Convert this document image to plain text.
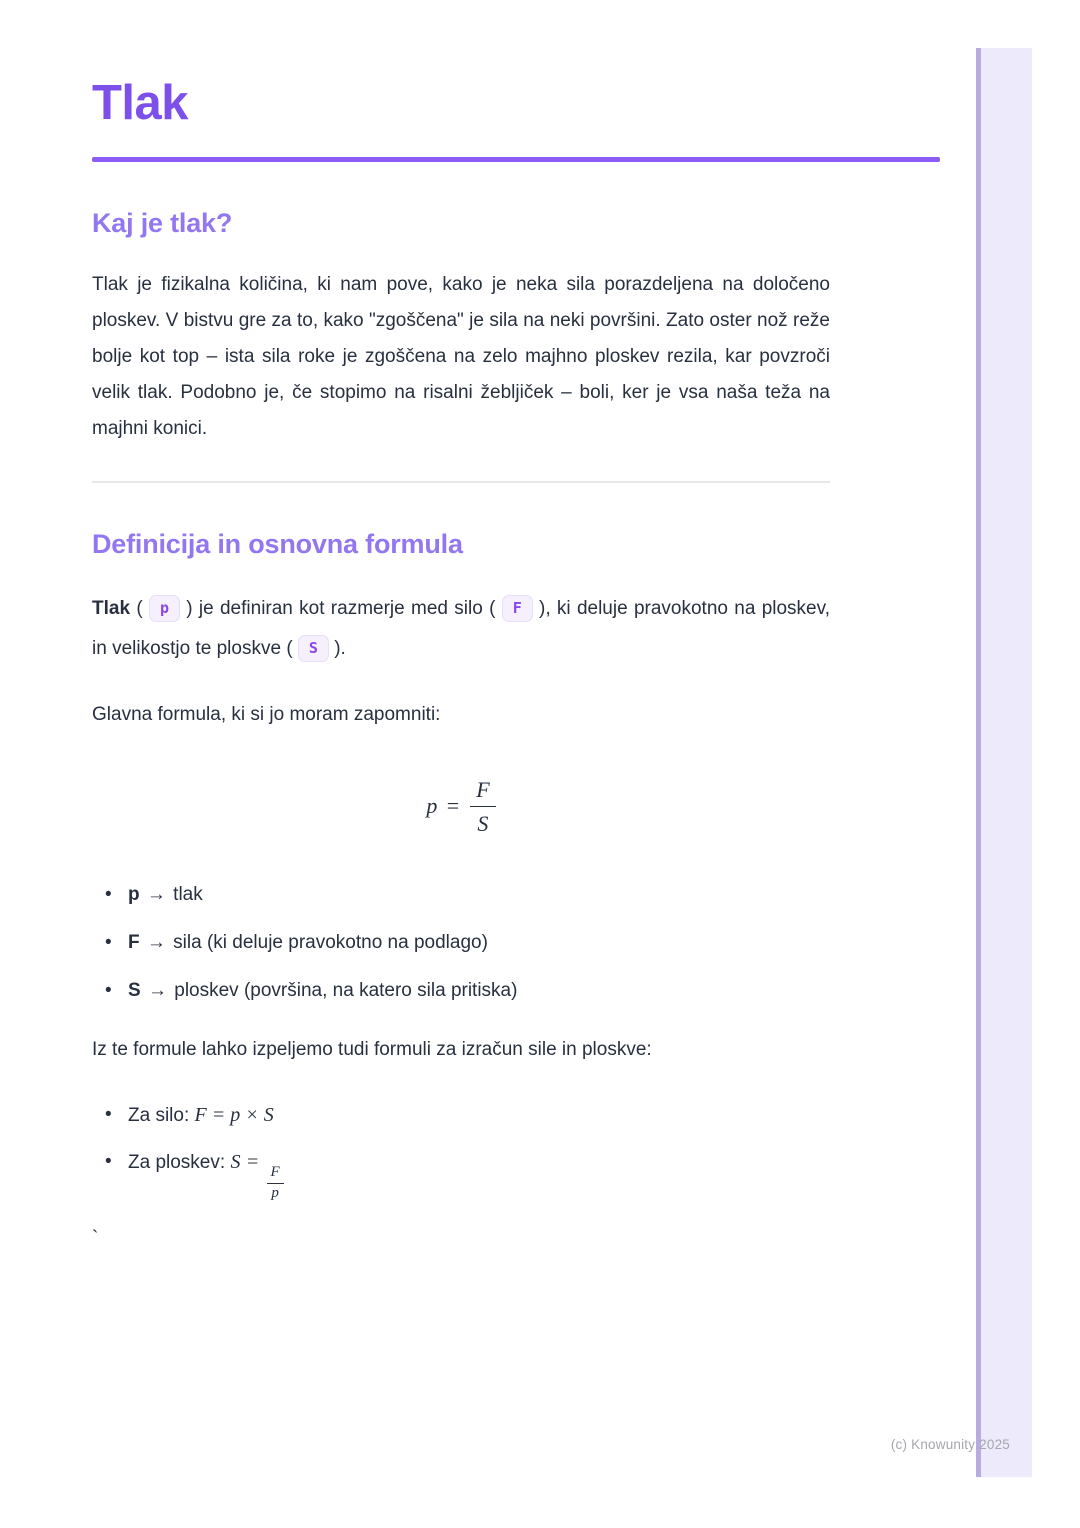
Tlak
Kaj je tlak?

Tlak je fizikalna količina, ki nam pove, kako je neka sila porazdeljena na določeno ploskev. V bistvu gre za to, kako "zgoščena" je sila na neki površini. Zato oster nož reže bolje kot top – ista sila roke je zgoščena na zelo majhno ploskev rezila, kar povzroči velik tlak. Podobno je, če stopimo na risalni žebljiček – boli, ker je vsa naša teža na majhni konici.

Definicija in osnovna formula

Tlak ( p ) je definiran kot razmerje med silo ( F ), ki deluje pravokotno na ploskev, in velikostjo te ploskve ( S ).

Glavna formula, ki si jo moram zapomniti:

$p = \frac{F}{S}$
• p → tlak
• F → sila (ki deluje pravokotno na podlago)
• S → ploskev (površina, na katero sila pritiska)

Iz te formule lahko izpeljemo tudi formuli za izračun sile in ploskve:

• Za silo: F = p × S
• Za ploskev: S =
$\frac{F}{p}$
`
(c) Knowunity 2025
